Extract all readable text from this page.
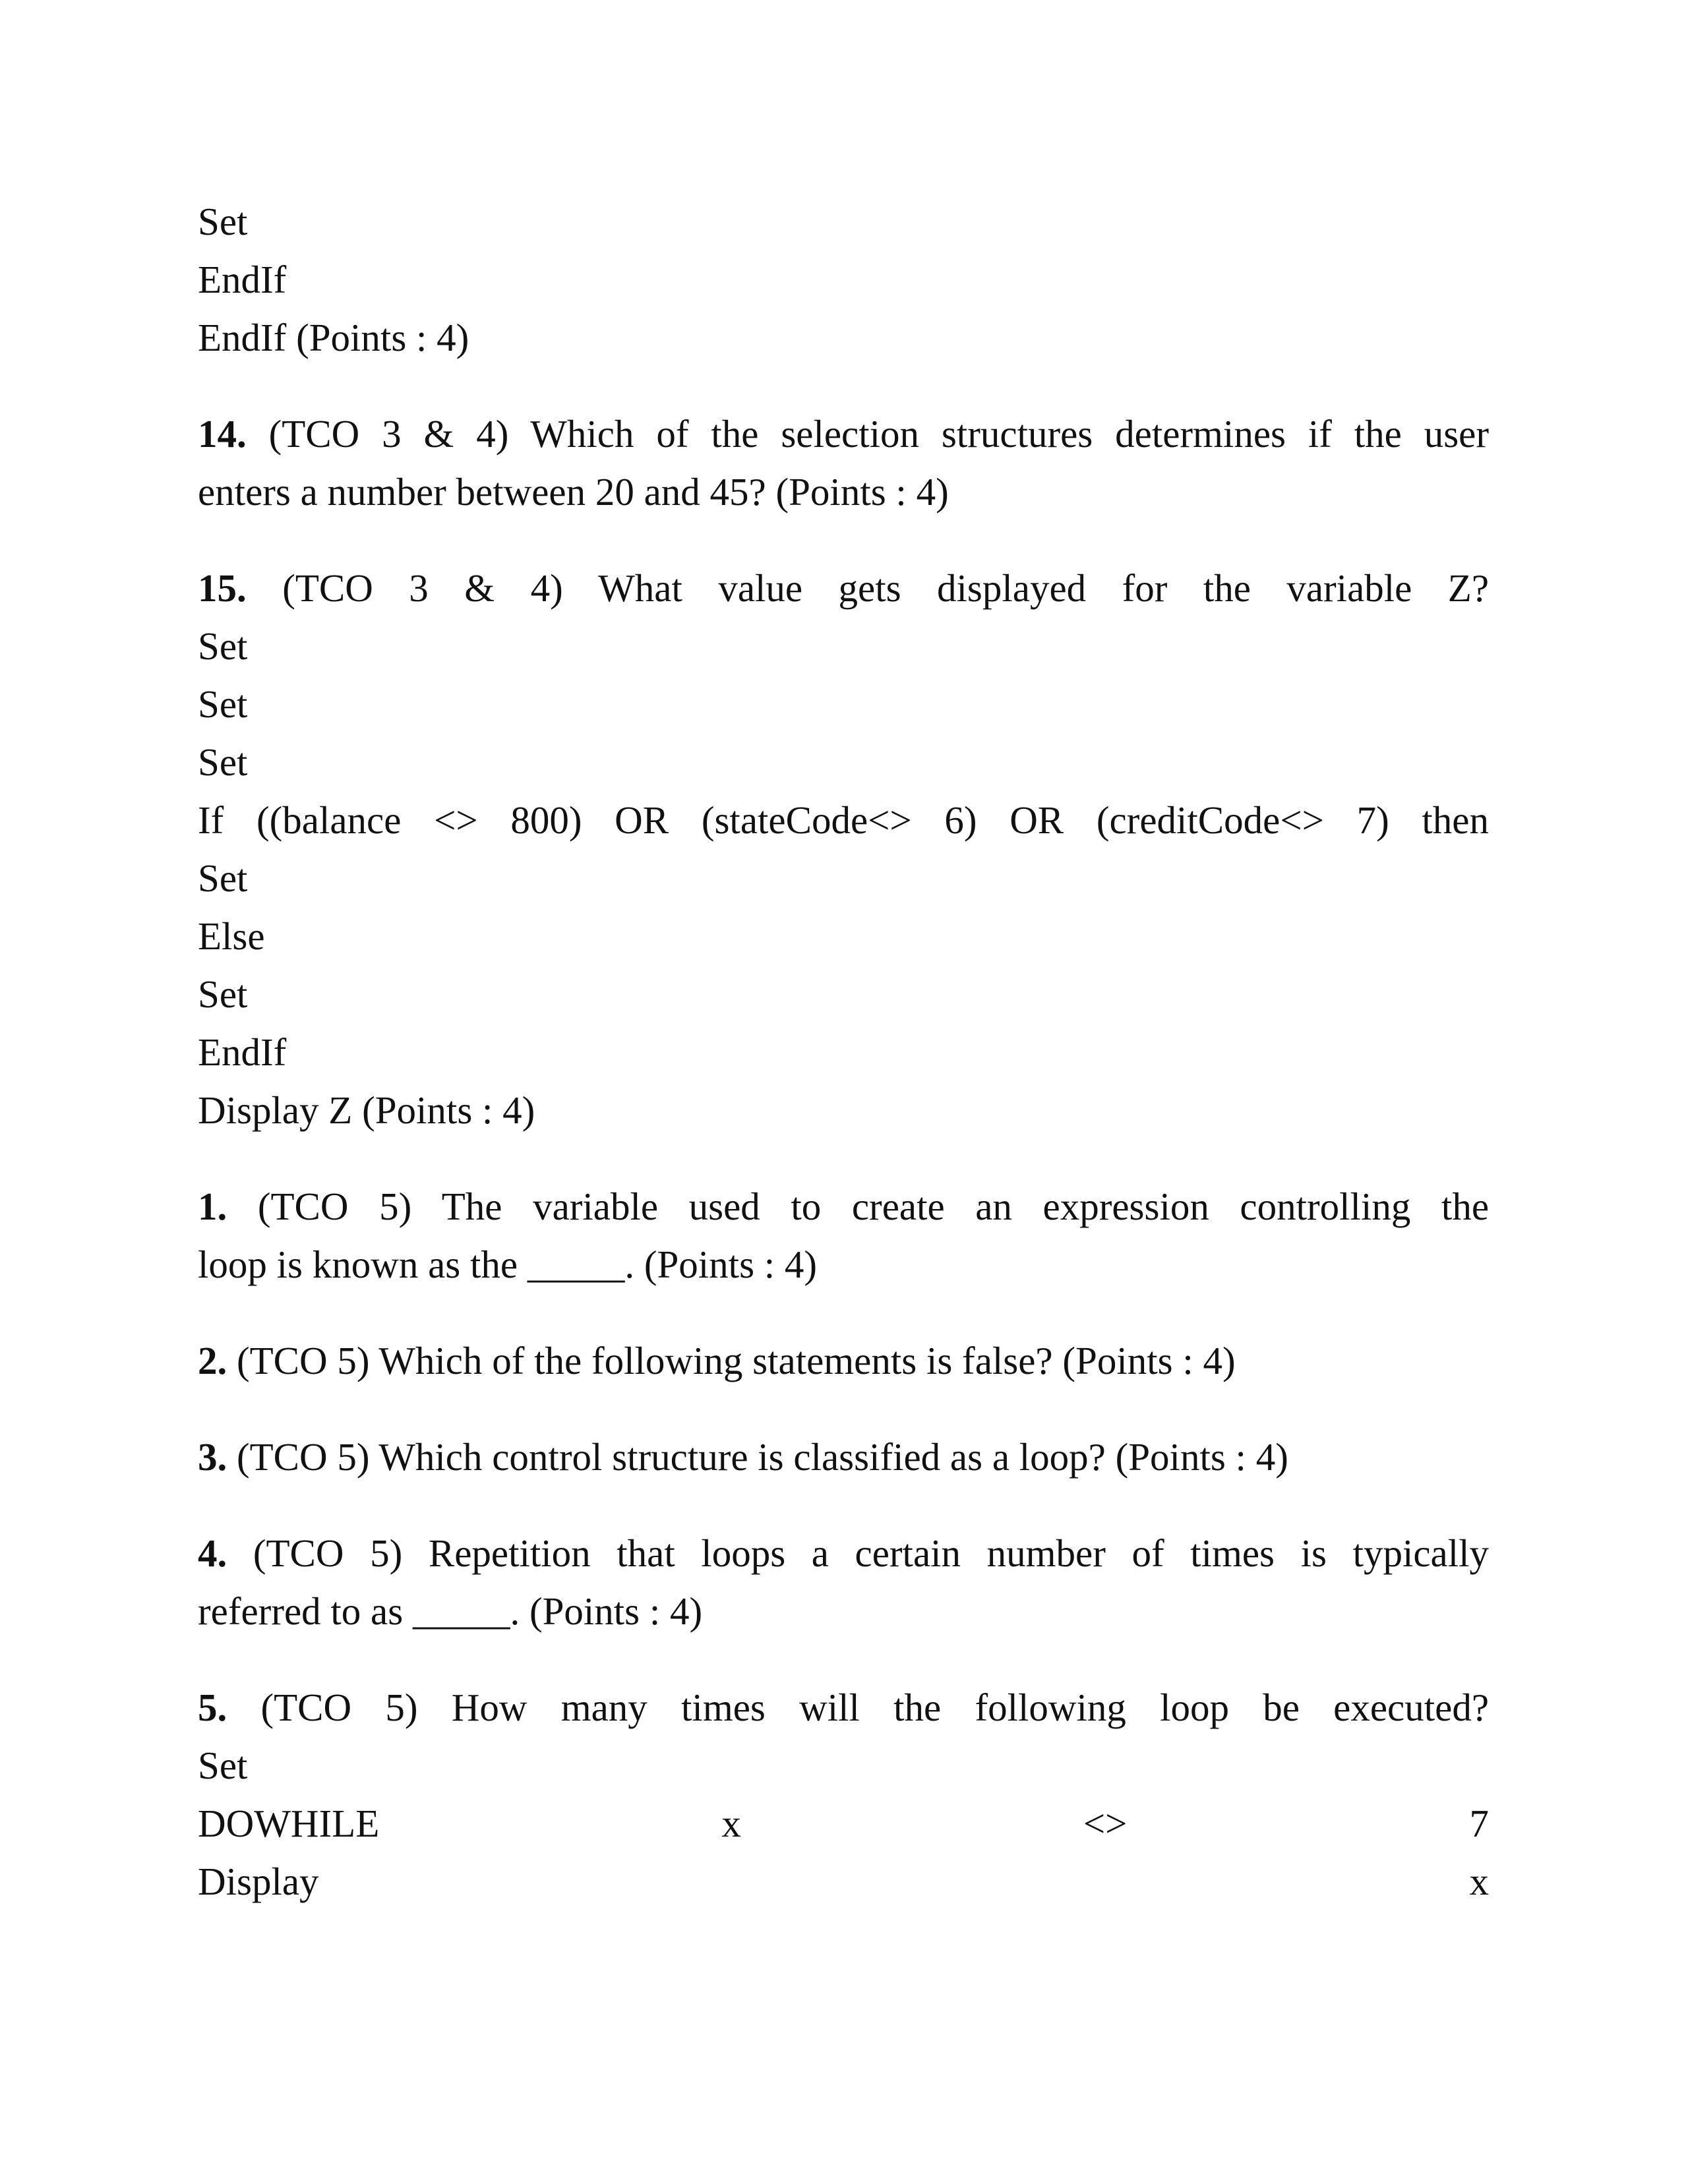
Set
EndIf
EndIf (Points : 4)
14. (TCO 3 & 4) Which of the selection structures determines if the user
enters a number between 20 and 45? (Points : 4)
15. (TCO 3 & 4) What value gets displayed for the variable Z?
Set
Set
Set
If ((balance <> 800) OR (stateCode<> 6) OR (creditCode<> 7) then
Set
Else
Set
EndIf
Display Z (Points : 4)
1. (TCO 5) The variable used to create an expression controlling the
loop is known as the _____. (Points : 4)
2. (TCO 5) Which of the following statements is false? (Points : 4)
3. (TCO 5) Which control structure is classified as a loop? (Points : 4)
4. (TCO 5) Repetition that loops a certain number of times is typically
referred to as _____. (Points : 4)
5. (TCO 5) How many times will the following loop be executed?
Set
DOWHILE	x	<>	7
Display	x
